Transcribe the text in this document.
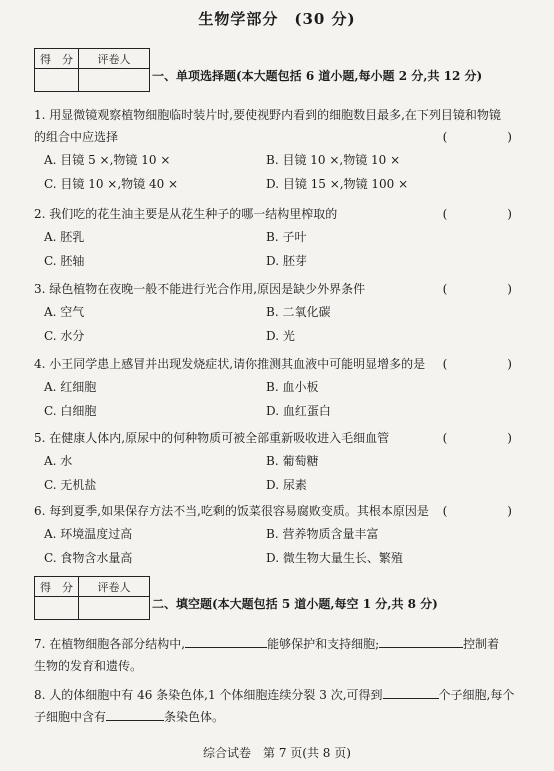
生物学部分　(30 分)
得　分	评卷人
一、单项选择题(本大题包括 6 道小题,每小题 2 分,共 12 分)
1. 用显微镜观察植物细胞临时装片时,要使视野内看到的细胞数目最多,在下列目镜和物镜
的组合中应选择	(　　)
A. 目镜 5 ×,物镜 10 ×	B. 目镜 10 ×,物镜 10 ×
C. 目镜 10 ×,物镜 40 ×	D. 目镜 15 ×,物镜 100 ×
2. 我们吃的花生油主要是从花生种子的哪一结构里榨取的	(　　)
A. 胚乳	B. 子叶
C. 胚轴	D. 胚芽
3. 绿色植物在夜晚一般不能进行光合作用,原因是缺少外界条件	(　　)
A. 空气	B. 二氧化碳
C. 水分	D. 光
4. 小王同学患上感冒并出现发烧症状,请你推测其血液中可能明显增多的是 (　　)
A. 红细胞	B. 血小板
C. 白细胞	D. 血红蛋白
5. 在健康人体内,原尿中的何种物质可被全部重新吸收进入毛细血管	(　　)
A. 水	B. 葡萄糖
C. 无机盐	D. 尿素
6. 每到夏季,如果保存方法不当,吃剩的饭菜很容易腐败变质。其根本原因是 (　　)
A. 环境温度过高	B. 营养物质含量丰富
C. 食物含水量高	D. 微生物大量生长、繁殖
得　分	评卷人
二、填空题(本大题包括 5 道小题,每空 1 分,共 8 分)
7. 在植物细胞各部分结构中,	能够保护和支持细胞;	控制着
生物的发育和遗传。
8. 人的体细胞中有 46 条染色体,1 个体细胞连续分裂 3 次,可得到	个子细胞,每个
子细胞中含有	条染色体。
综合试卷　第 7 页(共 8 页)
